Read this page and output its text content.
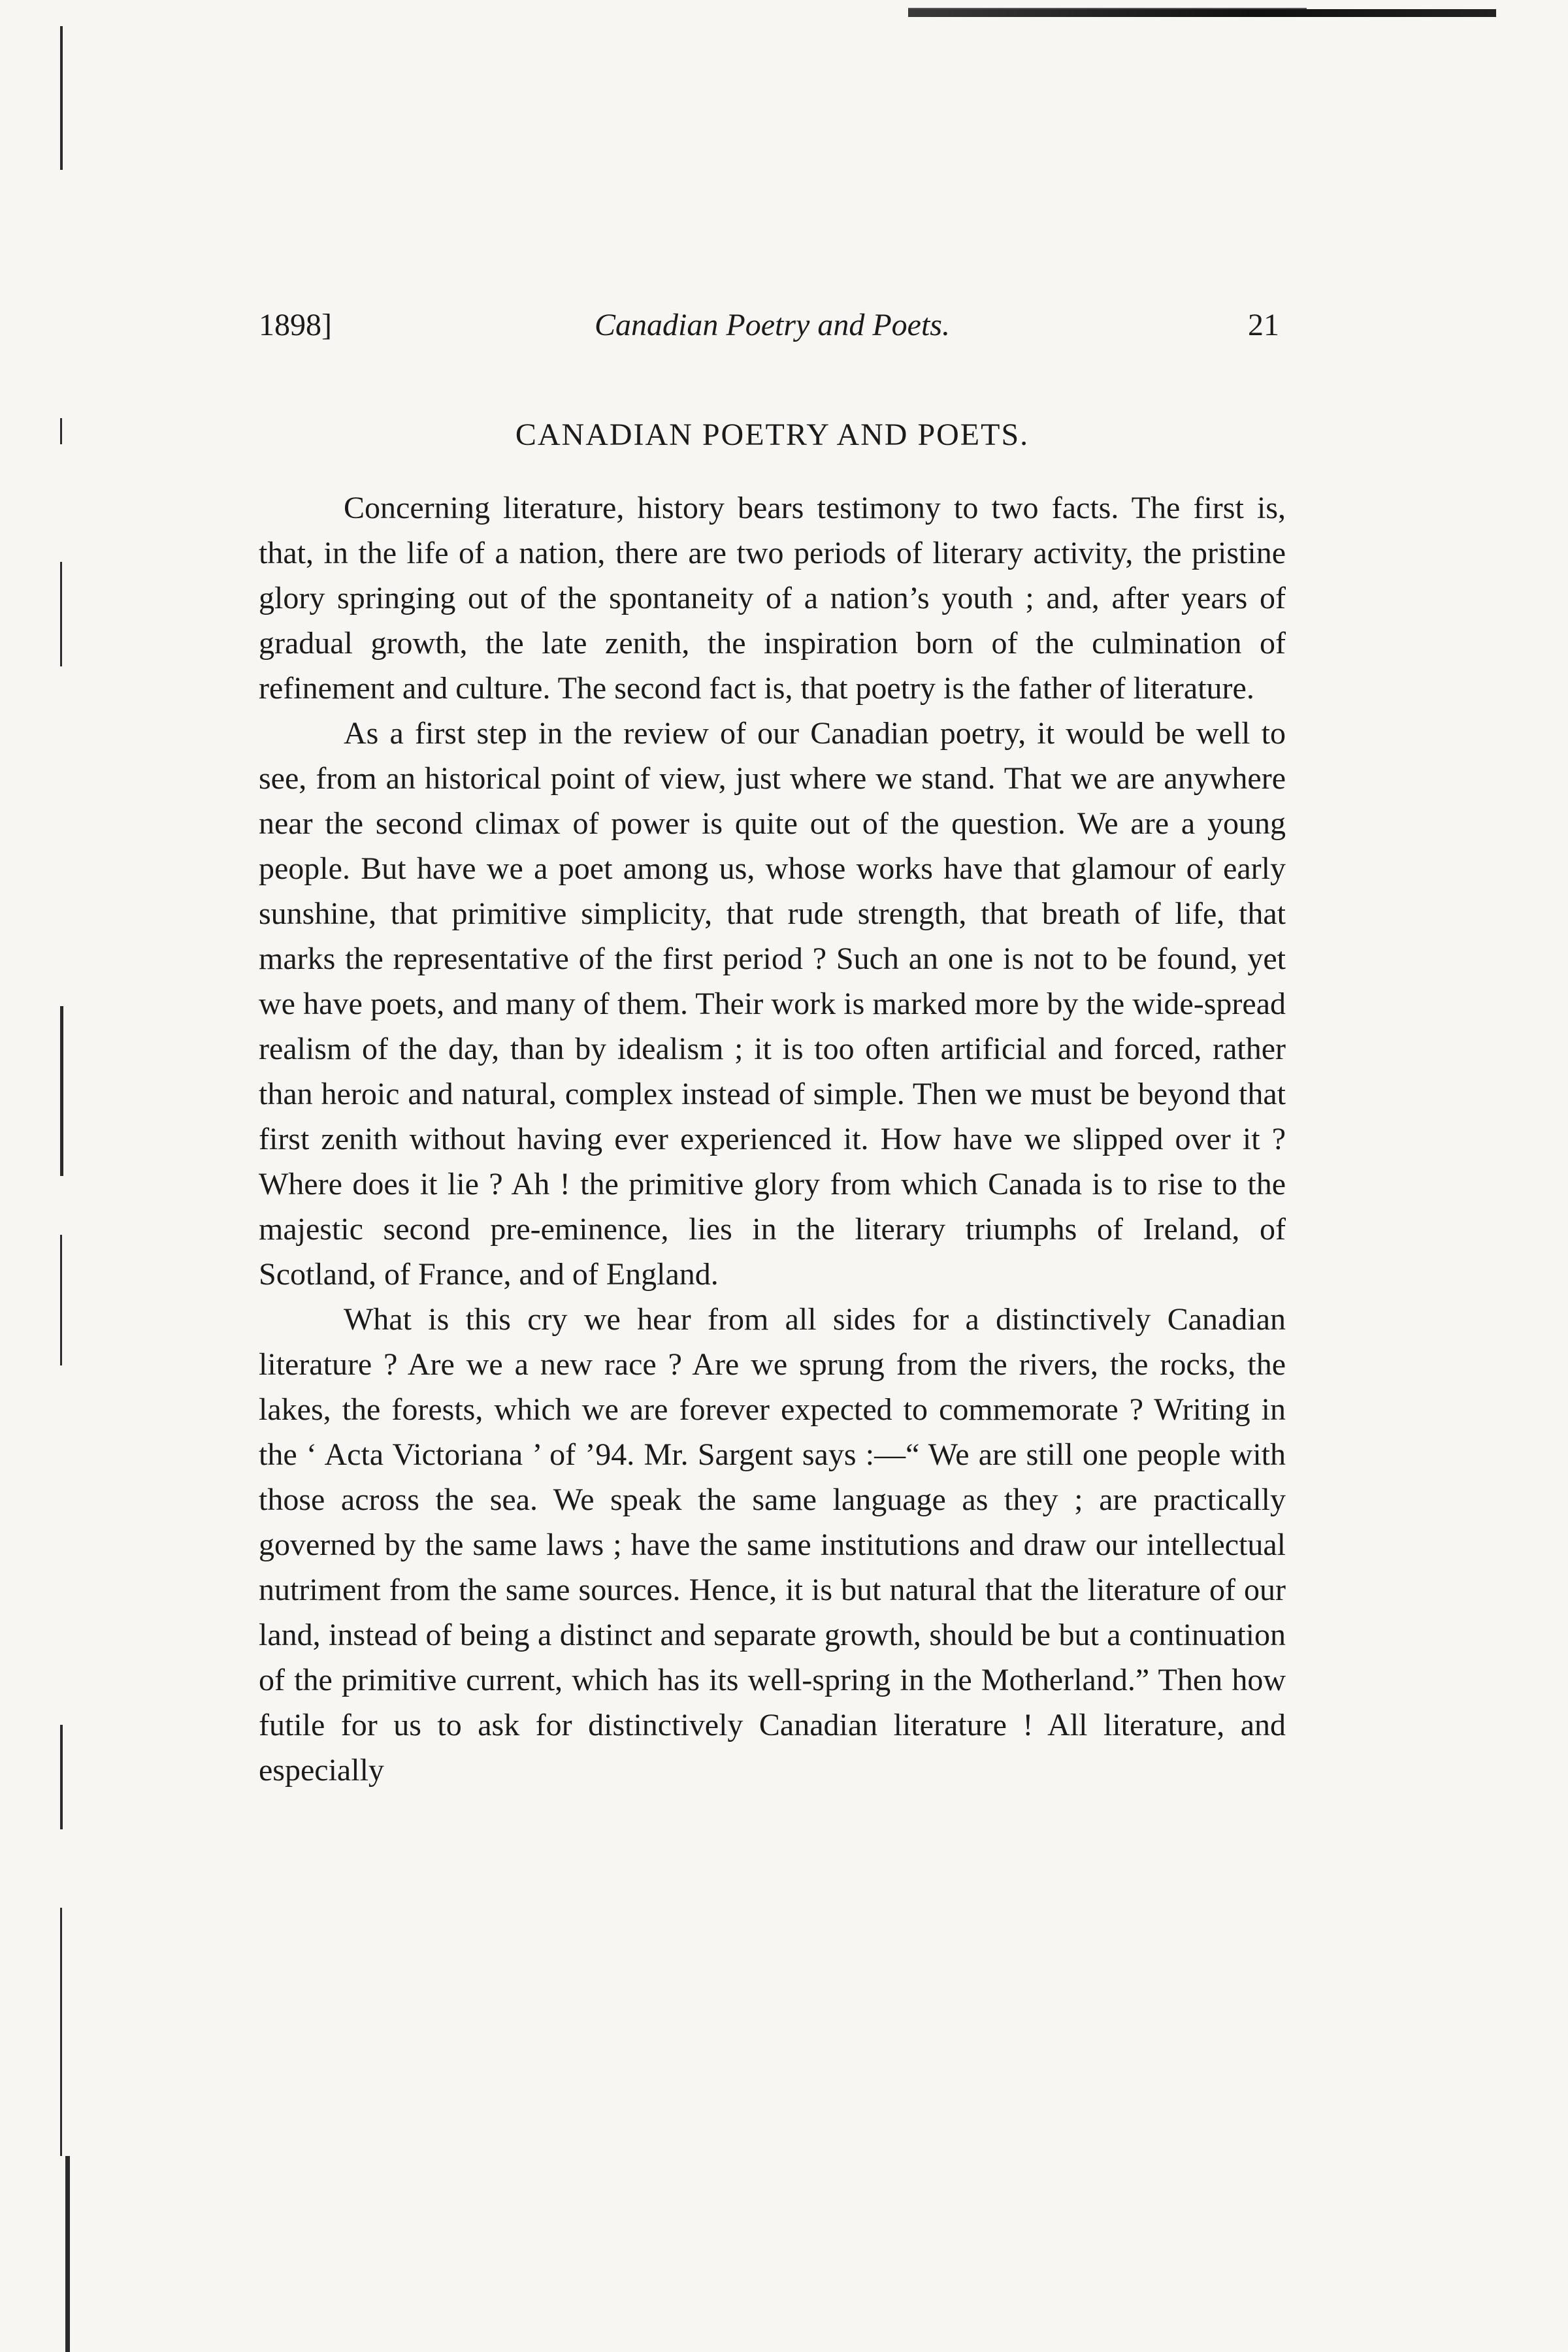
1898]	Canadian Poetry and Poets.	21
CANADIAN POETRY AND POETS.

Concerning literature, history bears testimony to two facts. The first is, that, in the life of a nation, there are two periods of literary activity, the pristine glory springing out of the spontaneity of a nation’s youth ; and, after years of gradual growth, the late zenith, the inspiration born of the culmination of refinement and culture. The second fact is, that poetry is the father of literature.

As a first step in the review of our Canadian poetry, it would be well to see, from an historical point of view, just where we stand. That we are anywhere near the second climax of power is quite out of the question. We are a young people. But have we a poet among us, whose works have that glamour of early sunshine, that primitive simplicity, that rude strength, that breath of life, that marks the representative of the first period ? Such an one is not to be found, yet we have poets, and many of them. Their work is marked more by the wide-spread realism of the day, than by idealism ; it is too often artificial and forced, rather than heroic and natural, complex instead of simple. Then we must be beyond that first zenith without having ever experienced it. How have we slipped over it ? Where does it lie ? Ah ! the primitive glory from which Canada is to rise to the majestic second pre-eminence, lies in the literary triumphs of Ireland, of Scotland, of France, and of England.

What is this cry we hear from all sides for a distinctively Canadian literature ? Are we a new race ? Are we sprung from the rivers, the rocks, the lakes, the forests, which we are forever expected to commemorate ? Writing in the ‘ Acta Victoriana ’ of ’94. Mr. Sargent says :—“ We are still one people with those across the sea. We speak the same language as they ; are practically governed by the same laws ; have the same institutions and draw our intellectual nutriment from the same sources. Hence, it is but natural that the literature of our land, instead of being a distinct and separate growth, should be but a continuation of the primitive current, which has its well-spring in the Motherland.” Then how futile for us to ask for distinctively Canadian literature ! All literature, and especially
